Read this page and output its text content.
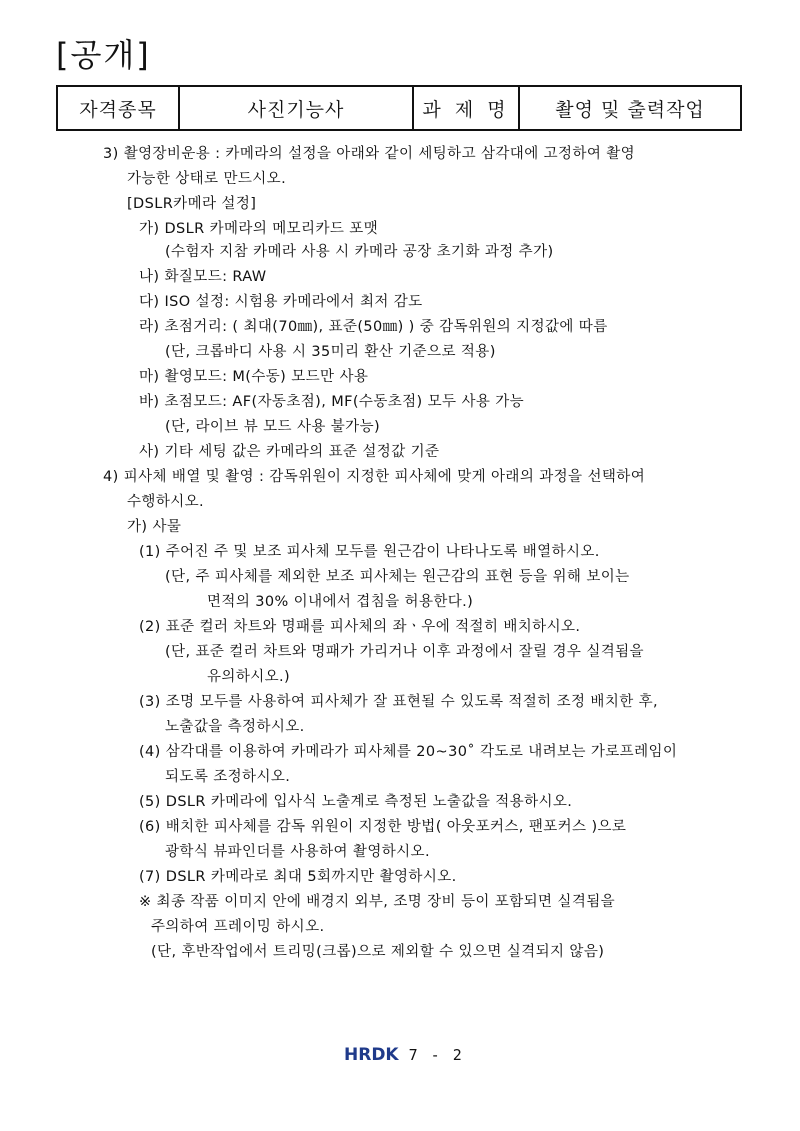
[공개]
자격종목	사진기능사	과 제 명	촬영 및 출력작업
3) 촬영장비운용 : 카메라의 설정을 아래와 같이 세팅하고 삼각대에 고정하여 촬영
가능한 상태로 만드시오.
[DSLR카메라 설정]
가) DSLR 카메라의 메모리카드 포맷
(수험자 지참 카메라 사용 시 카메라 공장 초기화 과정 추가)
나) 화질모드: RAW
다) ISO 설정: 시험용 카메라에서 최저 감도
라) 초점거리: ( 최대(70㎜), 표준(50㎜) ) 중 감독위원의 지정값에 따름
(단, 크롭바디 사용 시 35미리 환산 기준으로 적용)
마) 촬영모드: M(수동) 모드만 사용
바) 초점모드: AF(자동초점), MF(수동초점) 모두 사용 가능
(단, 라이브 뷰 모드 사용 불가능)
사) 기타 세팅 값은 카메라의 표준 설정값 기준
4) 피사체 배열 및 촬영 : 감독위원이 지정한 피사체에 맞게 아래의 과정을 선택하여
수행하시오.
가) 사물
(1) 주어진 주 및 보조 피사체 모두를 원근감이 나타나도록 배열하시오.
(단, 주 피사체를 제외한 보조 피사체는 원근감의 표현 등을 위해 보이는
면적의 30% 이내에서 겹침을 허용한다.)
(2) 표준 컬러 차트와 명패를 피사체의 좌ㆍ우에 적절히 배치하시오.
(단, 표준 컬러 차트와 명패가 가리거나 이후 과정에서 잘릴 경우 실격됨을
유의하시오.)
(3) 조명 모두를 사용하여 피사체가 잘 표현될 수 있도록 적절히 조정 배치한 후,
노출값을 측정하시오.
(4) 삼각대를 이용하여 카메라가 피사체를 20~30˚ 각도로 내려보는 가로프레임이
되도록 조정하시오.
(5) DSLR 카메라에 입사식 노출계로 측정된 노출값을 적용하시오.
(6) 배치한 피사체를 감독 위원이 지정한 방법( 아웃포커스, 팬포커스 )으로
광학식 뷰파인더를 사용하여 촬영하시오.
(7) DSLR 카메라로 최대 5회까지만 촬영하시오.
※ 최종 작품 이미지 안에 배경지 외부, 조명 장비 등이 포함되면 실격됨을
주의하여 프레이밍 하시오.
(단, 후반작업에서 트리밍(크롭)으로 제외할 수 있으면 실격되지 않음)
HRDK 7 - 2
